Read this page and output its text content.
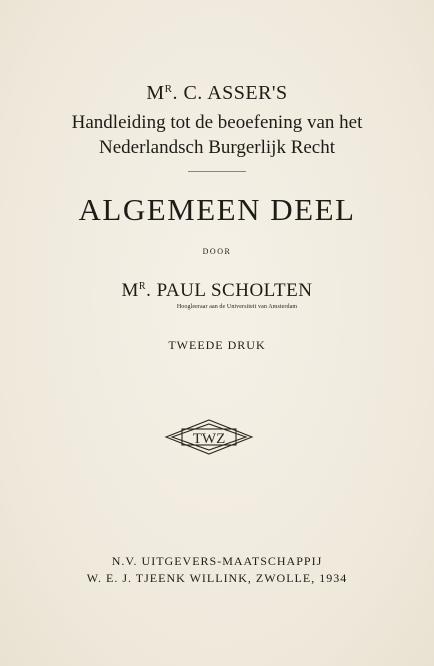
$M^R$. C. ASSER'S
Handleiding tot de beoefening van het
Nederlandsch Burgerlijk Recht
ALGEMEEN DEEL
DOOR
$M^R$. PAUL SCHOLTEN
Hoogleeraar aan de Universiteit van Amsterdam
TWEEDE DRUK
TWZ
N.V. UITGEVERS-MAATSCHAPPIJ
W. E. J. TJEENK WILLINK, ZWOLLE, 1934
